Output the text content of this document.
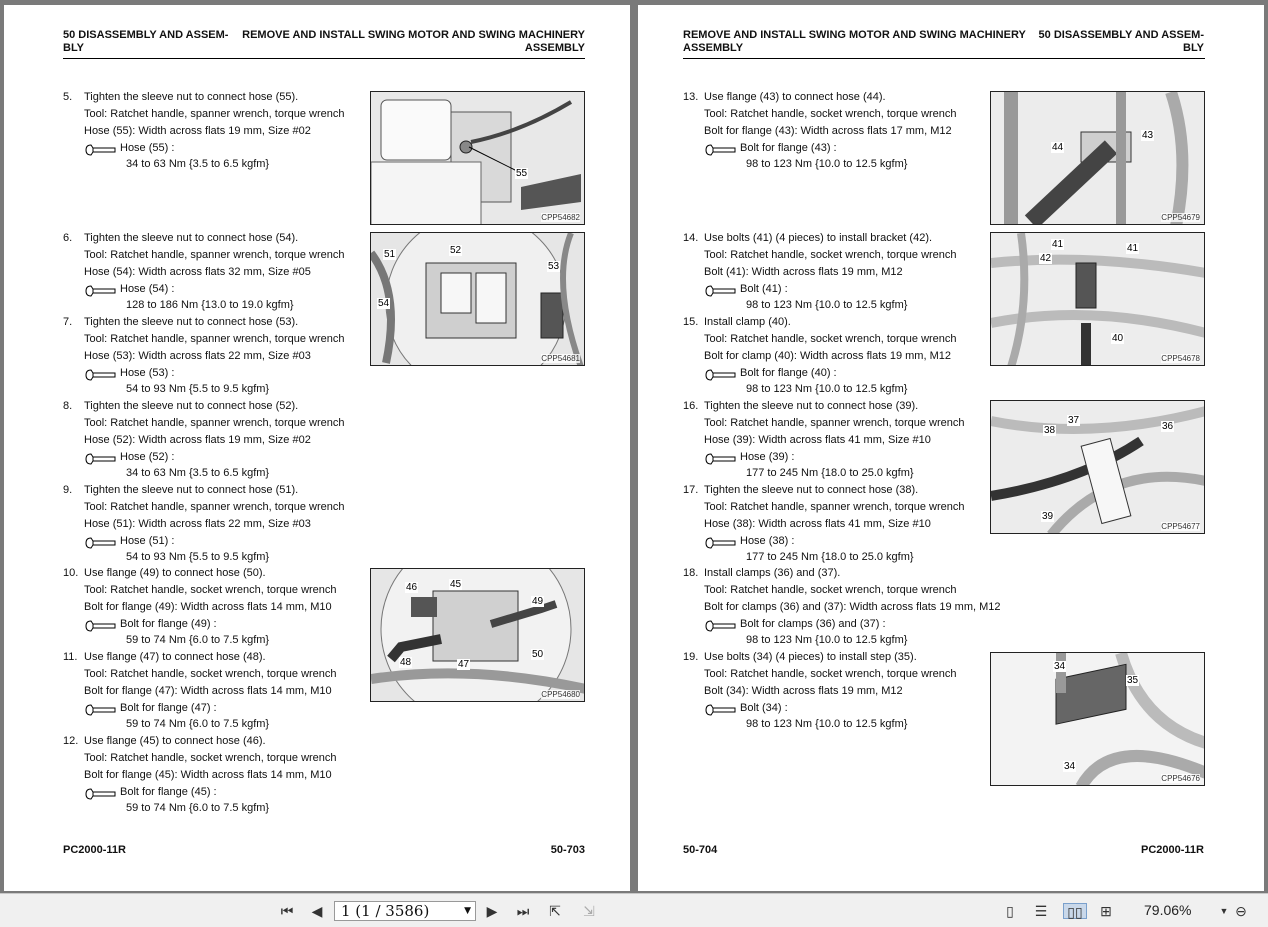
50 DISASSEMBLY AND ASSEM-
BLY
REMOVE AND INSTALL SWING MOTOR AND SWING MACHINERY
ASSEMBLY
5. Tighten the sleeve nut to connect hose (55).
Tool: Ratchet handle, spanner wrench, torque wrench
Hose (55): Width across flats 19 mm, Size #02
Hose (55) :
34 to 63 Nm {3.5 to 6.5 kgfm}
6. Tighten the sleeve nut to connect hose (54).
Tool: Ratchet handle, spanner wrench, torque wrench
Hose (54): Width across flats 32 mm, Size #05
Hose (54) :
128 to 186 Nm {13.0 to 19.0 kgfm}
7. Tighten the sleeve nut to connect hose (53).
Tool: Ratchet handle, spanner wrench, torque wrench
Hose (53): Width across flats 22 mm, Size #03
Hose (53) :
54 to 93 Nm {5.5 to 9.5 kgfm}
8. Tighten the sleeve nut to connect hose (52).
Tool: Ratchet handle, spanner wrench, torque wrench
Hose (52): Width across flats 19 mm, Size #02
Hose (52) :
34 to 63 Nm {3.5 to 6.5 kgfm}
9. Tighten the sleeve nut to connect hose (51).
Tool: Ratchet handle, spanner wrench, torque wrench
Hose (51): Width across flats 22 mm, Size #03
Hose (51) :
54 to 93 Nm {5.5 to 9.5 kgfm}
10. Use flange (49) to connect hose (50).
Tool: Ratchet handle, socket wrench, torque wrench
Bolt for flange (49): Width across flats 14 mm, M10
Bolt for flange (49) :
59 to 74 Nm {6.0 to 7.5 kgfm}
11. Use flange (47) to connect hose (48).
Tool: Ratchet handle, socket wrench, torque wrench
Bolt for flange (47): Width across flats 14 mm, M10
Bolt for flange (47) :
59 to 74 Nm {6.0 to 7.5 kgfm}
12. Use flange (45) to connect hose (46).
Tool: Ratchet handle, socket wrench, torque wrench
Bolt for flange (45): Width across flats 14 mm, M10
Bolt for flange (45) :
59 to 74 Nm {6.0 to 7.5 kgfm}
55
CPP54682
51	52
53
54
CPP54681
46	45
49
48	47
50
CPP54680
PC2000-11R	50-703
REMOVE AND INSTALL SWING MOTOR AND SWING MACHINERY
ASSEMBLY
50 DISASSEMBLY AND ASSEM-
BLY
13. Use flange (43) to connect hose (44).
Tool: Ratchet handle, socket wrench, torque wrench
Bolt for flange (43): Width across flats 17 mm, M12
Bolt for flange (43) :
98 to 123 Nm {10.0 to 12.5 kgfm}
14. Use bolts (41) (4 pieces) to install bracket (42).
Tool: Ratchet handle, socket wrench, torque wrench
Bolt (41): Width across flats 19 mm, M12
Bolt (41) :
98 to 123 Nm {10.0 to 12.5 kgfm}
15. Install clamp (40).
Tool: Ratchet handle, socket wrench, torque wrench
Bolt for clamp (40): Width across flats 19 mm, M12
Bolt for flange (40) :
98 to 123 Nm {10.0 to 12.5 kgfm}
16. Tighten the sleeve nut to connect hose (39).
Tool: Ratchet handle, spanner wrench, torque wrench
Hose (39): Width across flats 41 mm, Size #10
Hose (39) :
177 to 245 Nm {18.0 to 25.0 kgfm}
17. Tighten the sleeve nut to connect hose (38).
Tool: Ratchet handle, spanner wrench, torque wrench
Hose (38): Width across flats 41 mm, Size #10
Hose (38) :
177 to 245 Nm {18.0 to 25.0 kgfm}
18. Install clamps (36) and (37).
Tool: Ratchet handle, socket wrench, torque wrench
Bolt for clamps (36) and (37): Width across flats 19 mm, M12
Bolt for clamps (36) and (37) :
98 to 123 Nm {10.0 to 12.5 kgfm}
19. Use bolts (34) (4 pieces) to install step (35).
Tool: Ratchet handle, socket wrench, torque wrench
Bolt (34): Width across flats 19 mm, M12
Bolt (34) :
98 to 123 Nm {10.0 to 12.5 kgfm}
44
43
CPP54679
41	41
42
40
CPP54678
38
37
36
39
CPP54677
34
35
34
CPP54676
50-704	PC2000-11R
⏮ ◀	1 (1 / 3586)	▼ ▶ ⏭ ⇱ ⇲	▯	☰	▯▯	⊞ 79.06%	▼ ⊖
